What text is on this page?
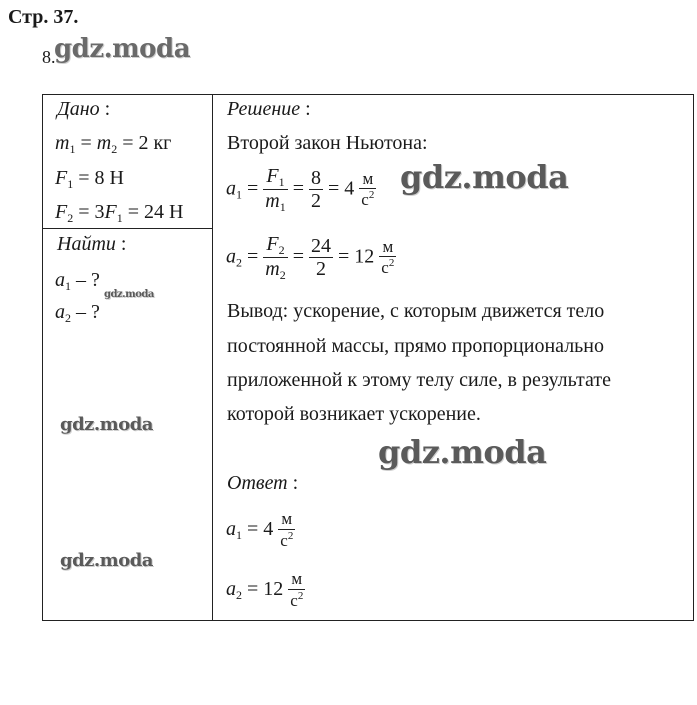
Стр. 37.
8.
Дано :
$m_1 = m_2 = 2$ кг
$F_1 = 8$ Н
$F_2 = 3F_1 = 24$ Н
Найти :
$a_1$ – ?
$a_2$ – ?
Решение :
Второй закон Ньютона:
$a_1 = \frac{F_1}{m_1} = \frac{8}{2} = 4 \frac{м}{с^2}$
$a_2 = \frac{F_2}{m_2} = \frac{24}{2} = 12 \frac{м}{с^2}$
Вывод: ускорение, с которым движется тело
постоянной массы, прямо пропорционально
приложенной к этому телу силе, в результате
которой возникает ускорение.
Ответ :
$a_1 = 4 \frac{м}{с^2}$
$a_2 = 12 \frac{м}{с^2}$
gdz.moda
gdz.moda
gdz.moda
gdz.moda
gdz.moda
gdz.moda
